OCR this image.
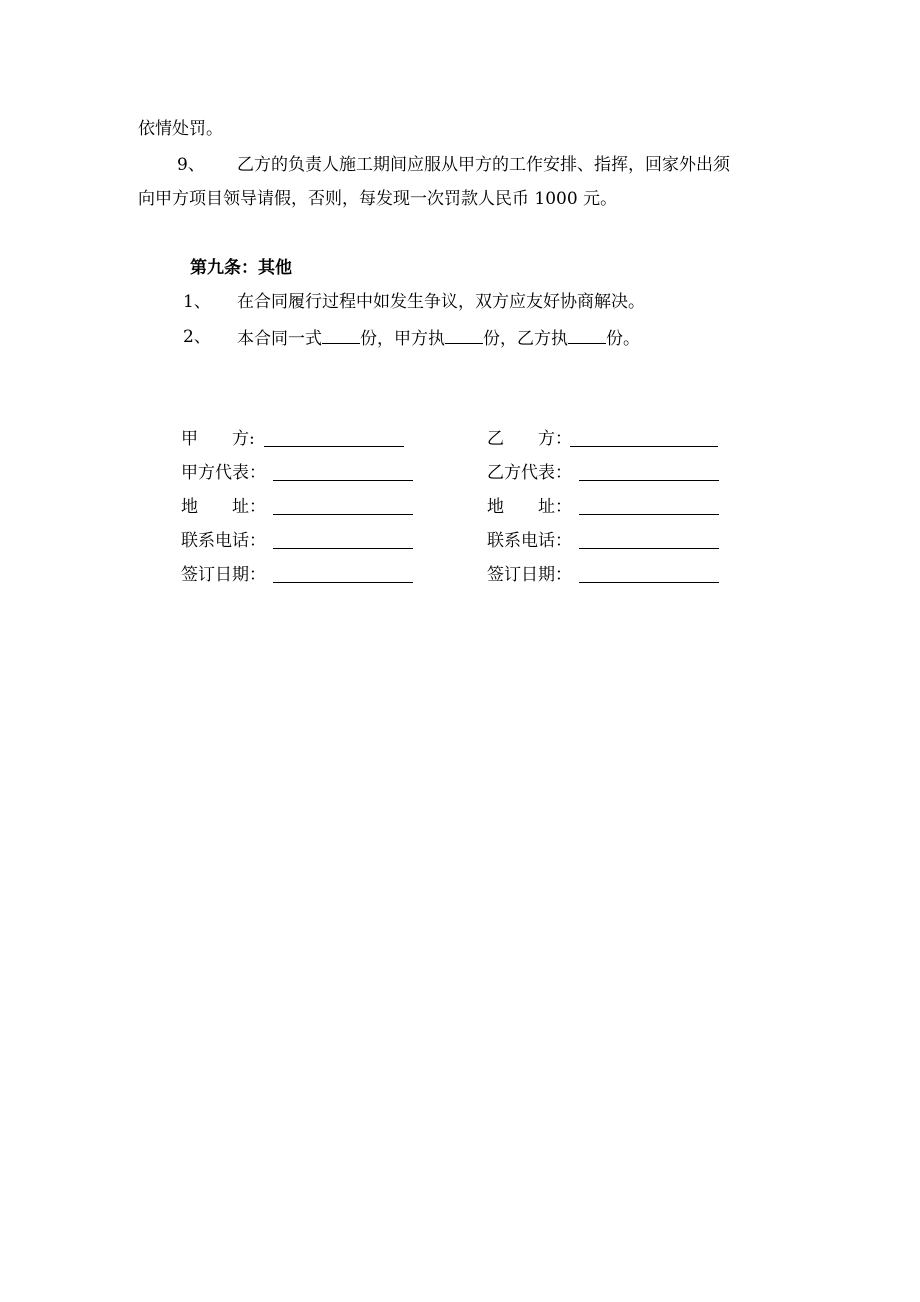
依情处罚。
9、 乙方的负责人施工期间应服从甲方的工作安排、指挥，回家外出须
向甲方项目领导请假，否则，每发现一次罚款人民币 1000 元。
第九条：其他
1、 在合同履行过程中如发生争议，双方应友好协商解决。
2、 本合同一式 份，甲方执 份，乙方执 份。
甲　　方:
甲方代表：
地　　址：
联系电话：
签订日期：
乙　　方：
乙方代表：
地　　址：
联系电话：
签订日期：
